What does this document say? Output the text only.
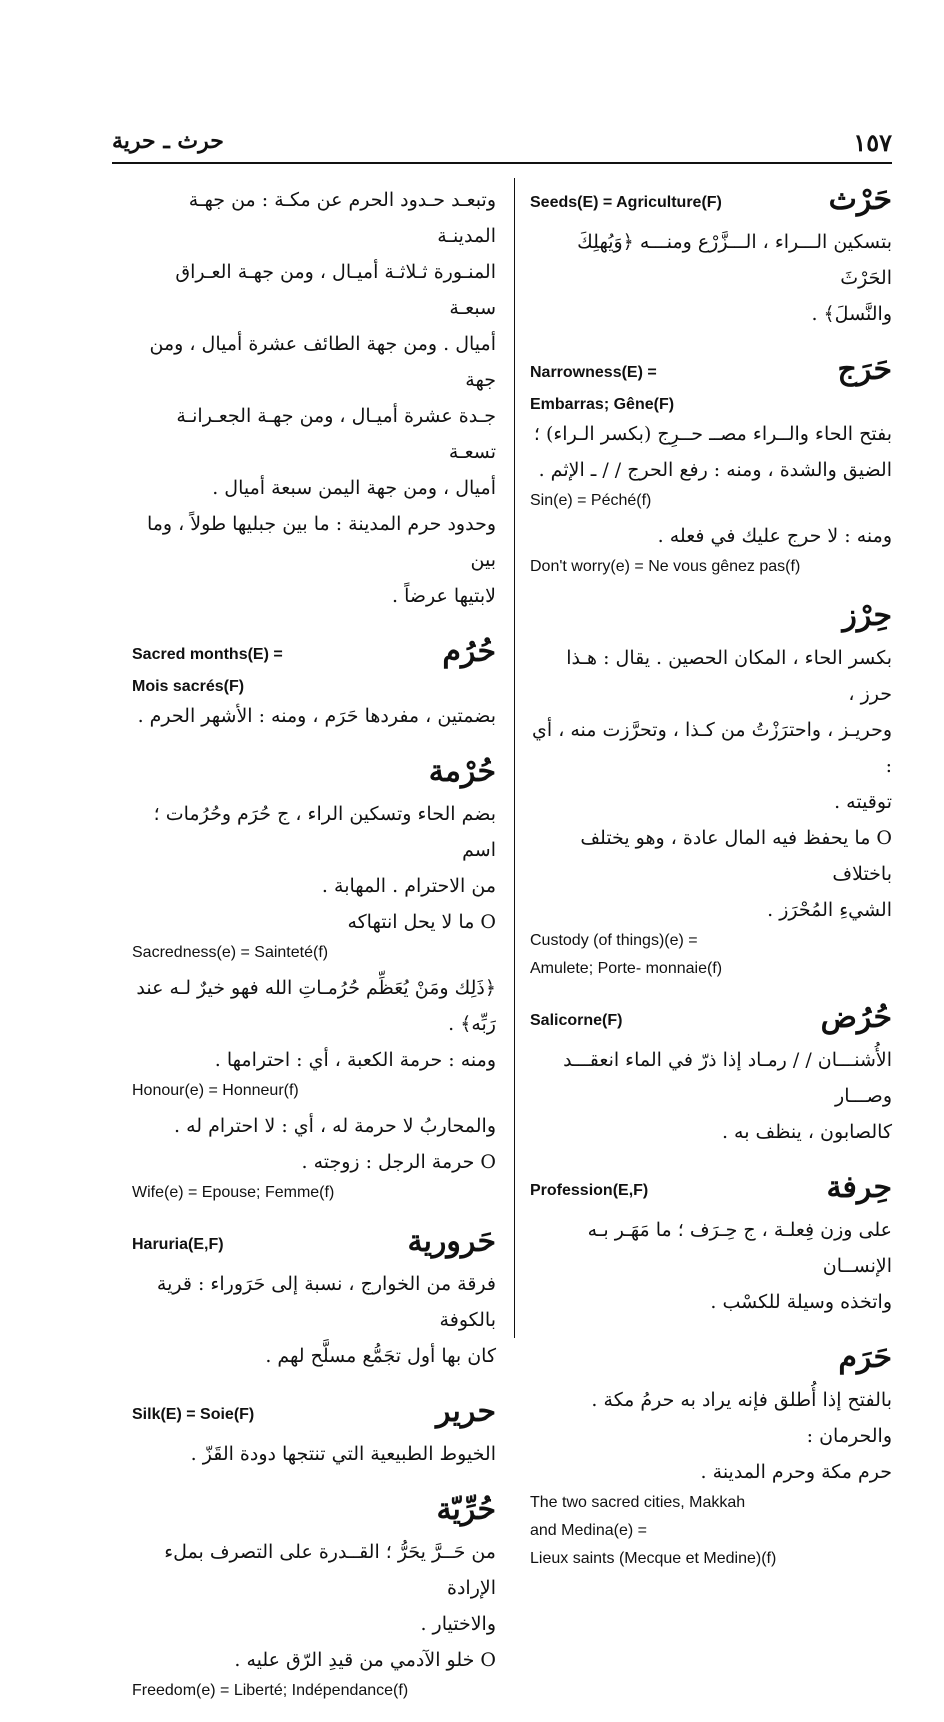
حرث ـ حرية	١٥٧
حَرْث
Seeds(E) = Agriculture(F)
بتسكين الـــراء ، الـــزَّرْع ومنـــه ﴿وَيُهلِكَ الحَرْثَ
والنَّسلَ﴾ .
حَرَج
Narrowness(E) =
Embarras; Gêne(F)
بفتح الحاء والــراء مصــ حــرِج (بكسر الـراء) ؛
الضيق والشدة ، ومنه : رفع الحرج / / ـ الإثم .
Sin(e) = Péché(f)
ومنه : لا حرج عليك في فعله .
Don't worry(e) = Ne vous gênez pas(f)
حِرْز
بكسر الحاء ، المكان الحصين . يقال : هـذا حرز ،
وحريـز ، واحترَزْتُ من كـذا ، وتحرَّزت منه ، أي :
توقيته .
O ما يحفظ فيه المال عادة ، وهو يختلف باختلاف
الشيءِ المُحْرَز .
Custody (of things)(e) =
Amulete; Porte- monnaie(f)
حُرُض
Salicorne(F)
الأُشنـــان / / رمـاد إذا ذرّ في الماء انعقـــد وصـــار
كالصابون ، ينظف به .
حِرفة
Profession(E,F)
على وزن فِعلـة ، ج حِـرَف ؛ ما مَهَـر بـه الإنســان
واتخذه وسيلة للكسْب .
حَرَم
بالفتح إذا أُطلق فإنه يراد به حرمُ مكة . والحرمان :
حرم مكة وحرم المدينة .
The two sacred cities, Makkah
and Medina(e) =
Lieux saints (Mecque et Medine)(f)
وتبعـد حـدود الحرم عن مكـة : من جهـة المدينـة
المنـورة ثـلاثـة أميـال ، ومن جهـة العـراق سبعـة
أميال . ومن جهة الطائف عشرة أميال ، ومن جهة
جـدة عشرة أميـال ، ومن جهـة الجعـرانـة تسعـة
أميال ، ومن جهة اليمن سبعة أميال .
وحدود حرم المدينة : ما بين جبليها طولاً ، وما بين
لابتيها عرضاً .
حُرُم
Sacred months(E) =
Mois sacrés(F)
بضمتين ، مفردها حَرَم ، ومنه : الأشهر الحرم .
حُرْمة
بضم الحاء وتسكين الراء ، ج حُرَم وحُرُمات ؛ اسم
من الاحترام . المهابة .
O ما لا يحل انتهاكه
Sacredness(e) = Sainteté(f)
﴿ذَلِك ومَنْ يُعَظِّم حُرُمـاتِ الله فهو خيرٌ لـه عند
رَبِّه﴾ .
ومنه : حرمة الكعبة ، أي : احترامها .
Honour(e) = Honneur(f)
والمحاربُ لا حرمة له ، أي : لا احترام له .
O حرمة الرجل : زوجته .
Wife(e) = Epouse; Femme(f)
حَرورية
Haruria(E,F)
فرقة من الخوارج ، نسبة إلى حَرَوراء : قرية بالكوفة
كان بها أول تجَمُّع مسلَّح لهم .
حرير
Silk(E) = Soie(F)
الخيوط الطبيعية التي تنتجها دودة القَزّ .
حُرِّيّة
من حَــرَّ يحَرُّ ؛ القــدرة على التصرف بملء الإرادة
والاختيار .
O خلو الآدمي من قيدِ الرّق عليه .
Freedom(e) = Liberté; Indépendance(f)
